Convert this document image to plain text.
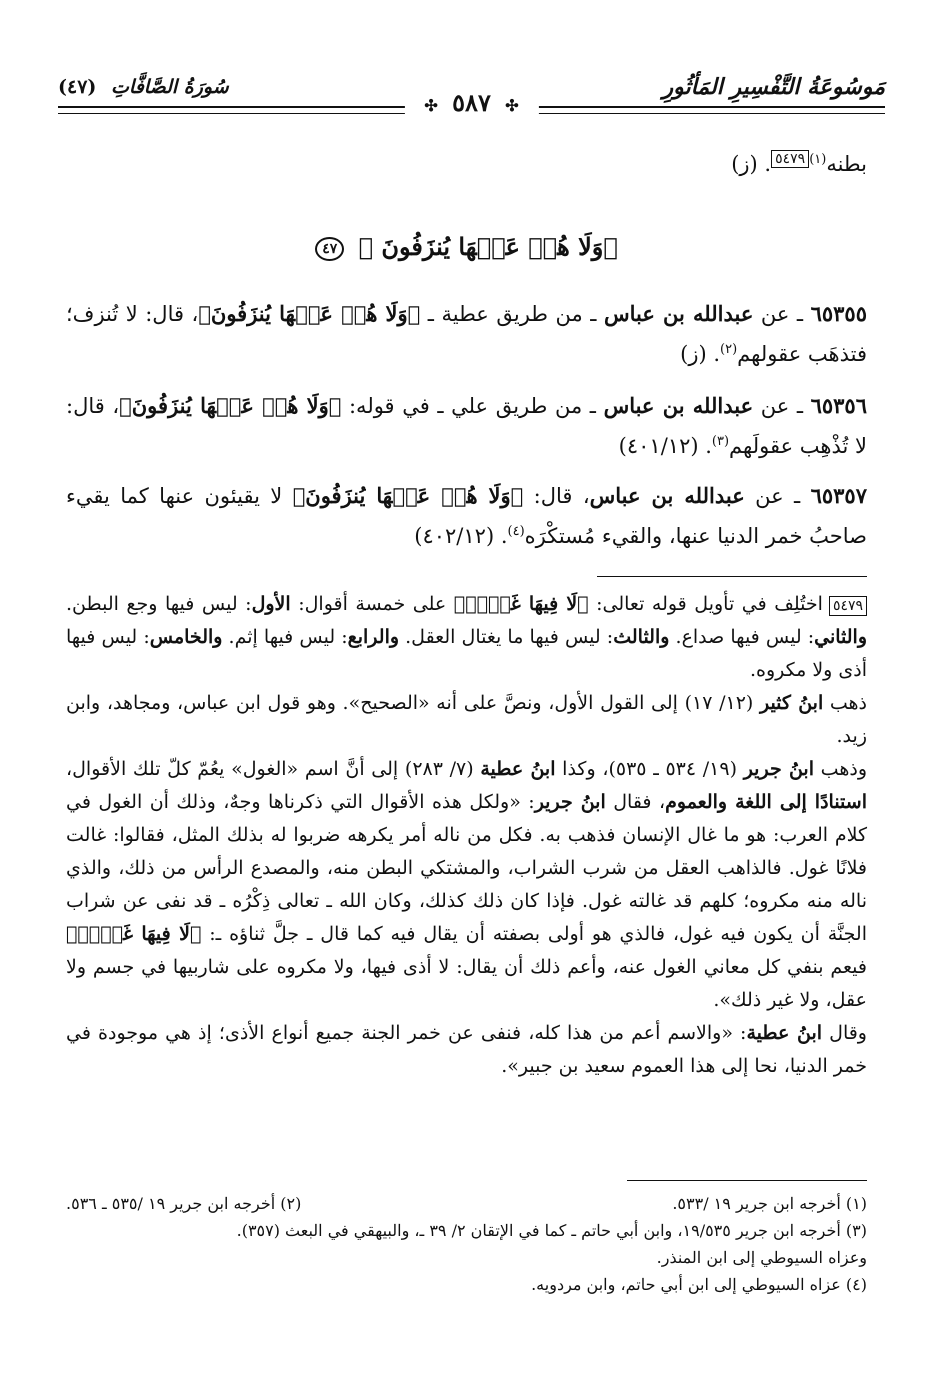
مَوسُوعَةُ التَّفْسِيرِ المَأثُورِ
✣ ٥٨٧ ✣
سُورَةُ الصَّافَّاتِ (٤٧)
بطنه$^{(١)}$٥٤٧٩. (ز)
﴿وَلَا هُمۡ عَنۡهَا يُنزَفُونَ ﴾ ٤٧
٦٥٣٥٥ ـ عن عبدالله بن عباس ـ من طريق عطية ـ ﴿وَلَا هُمۡ عَنۡهَا يُنزَفُونَ﴾، قال: لا تُنزف؛ فتذهَب عقولهم$^{(٢)}$. (ز)
٦٥٣٥٦ ـ عن عبدالله بن عباس ـ من طريق علي ـ في قوله: ﴿وَلَا هُمۡ عَنۡهَا يُنزَفُونَ﴾، قال: لا تُذْهِب عقولَهم$^{(٣)}$. (٤٠١/١٢)
٦٥٣٥٧ ـ عن عبدالله بن عباس، قال: ﴿وَلَا هُمۡ عَنۡهَا يُنزَفُونَ﴾ لا يقيئون عنها كما يقيء صاحبُ خمر الدنيا عنها، والقيء مُستكْرَه$^{(٤)}$. (٤٠٢/١٢)

٥٤٧٩اختُلِف في تأويل قوله تعالى: ﴿لَا فِيهَا غَوۡلٞ﴾ على خمسة أقوال: الأول: ليس فيها وجع البطن. والثاني: ليس فيها صداع. والثالث: ليس فيها ما يغتال العقل. والرابع: ليس فيها إثم. والخامس: ليس فيها أذى ولا مكروه.

ذهب ابنُ كثير (١٢/ ١٧) إلى القول الأول، ونصَّ على أنه «الصحيح». وهو قول ابن عباس، ومجاهد، وابن زيد.

وذهب ابنُ جرير (١٩/ ٥٣٤ ـ ٥٣٥)، وكذا ابنُ عطية (٧/ ٢٨٣) إلى أنَّ اسم «الغول» يعُمّ كلّ تلك الأقوال، استنادًا إلى اللغة والعموم، فقال ابنُ جرير: «ولكل هذه الأقوال التي ذكرناها وجهٌ، وذلك أن الغول في كلام العرب: هو ما غال الإنسان فذهب به. فكل من ناله أمر يكرهه ضربوا له بذلك المثل، فقالوا: غالت فلانًا غول. فالذاهب العقل من شرب الشراب، والمشتكي البطن منه، والمصدع الرأس من ذلك، والذي ناله منه مكروه؛ كلهم قد غالته غول. فإذا كان ذلك كذلك، وكان الله ـ تعالى ذِكْرُه ـ قد نفى عن شراب الجنَّة أن يكون فيه غول، فالذي هو أولى بصفته أن يقال فيه كما قال ـ جلَّ ثناؤه ـ: ﴿لَا فِيهَا غَوۡلٞ﴾ فيعم بنفي كل معاني الغول عنه، وأعم ذلك أن يقال: لا أذى فيها، ولا مكروه على شاربيها في جسم ولا عقل، ولا غير ذلك».

وقال ابنُ عطية: «والاسم أعم من هذا كله، فنفى عن خمر الجنة جميع أنواع الأذى؛ إذ هي موجودة في خمر الدنيا، نحا إلى هذا العموم سعيد بن جبير».

(١) أخرجه ابن جرير ١٩ /٥٣٣.
(٢) أخرجه ابن جرير ١٩ /٥٣٥ ـ ٥٣٦.

(٣) أخرجه ابن جرير ١٩/٥٣٥، وابن أبي حاتم ـ كما في الإتقان ٢/ ٣٩ ـ، والبيهقي في البعث (٣٥٧).

وعزاه السيوطي إلى ابن المنذر.

(٤) عزاه السيوطي إلى ابن أبي حاتم، وابن مردويه.
